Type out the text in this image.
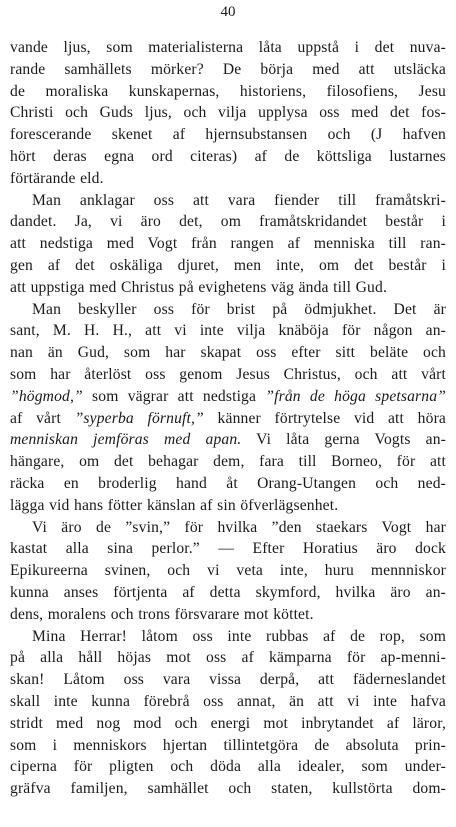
40
vande ljus, som materialisterna låta uppstå i det nuva-
rande samhällets mörker? De börja med att utsläcka
de moraliska kunskapernas, historiens, filosofiens, Jesu
Christi och Guds ljus, och vilja upplysa oss med det fos-
forescerande skenet af hjernsubstansen och (J hafven
hört deras egna ord citeras) af de köttsliga lustarnes
förtärande eld.
Man anklagar oss att vara fiender till framåtskri-
dandet. Ja, vi äro det, om framåtskridandet består i
att nedstiga med Vogt från rangen af menniska till ran-
gen af det oskäliga djuret, men inte, om det består i
att uppstiga med Christus på evighetens väg ända till Gud.
Man beskyller oss för brist på ödmjukhet. Det är
sant, M. H. H., att vi inte vilja knäböja för någon an-
nan än Gud, som har skapat oss efter sitt beläte och
som har återlöst oss genom Jesus Christus, och att vårt
”högmod,” som vägrar att nedstiga ”från de höga spetsarna”
af vårt ”syperba förnuft,” känner förtrytelse vid att höra
menniskan jemföras med apan. Vi låta gerna Vogts an-
hängare, om det behagar dem, fara till Borneo, för att
räcka en broderlig hand åt Orang-Utangen och ned-
lägga vid hans fötter känslan af sin öfverlägsenhet.
Vi äro de ”svin,” för hvilka ”den staekars Vogt har
kastat alla sina perlor.” — Efter Horatius äro dock
Epikureerna svinen, och vi veta inte, huru mennniskor
kunna anses förtjenta af detta skymford, hvilka äro an-
dens, moralens och trons försvarare mot köttet.
Mina Herrar! låtom oss inte rubbas af de rop, som
på alla håll höjas mot oss af kämparna för ap-menni-
skan! Låtom oss vara vissa derpå, att fäderneslandet
skall inte kunna förebrå oss annat, än att vi inte hafva
stridt med nog mod och energi mot inbrytandet af läror,
som i menniskors hjertan tillintetgöra de absoluta prin-
ciperna för pligten och döda alla idealer, som under-
gräfva familjen, samhället och staten, kullstörta dom-
